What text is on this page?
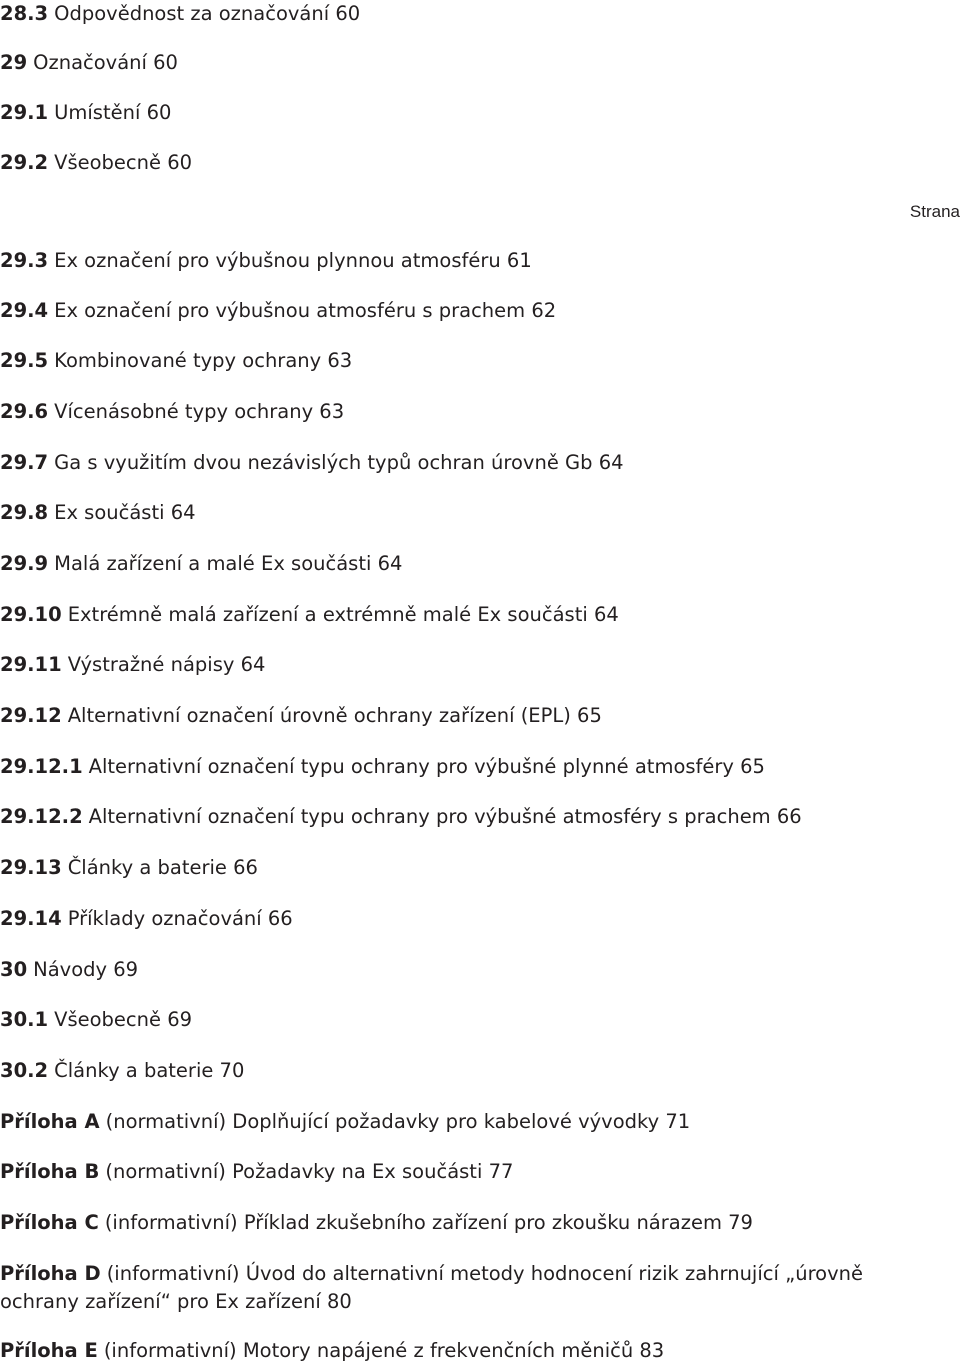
28.3 Odpovědnost za označování 60
29 Označování 60
29.1 Umístění 60
29.2 Všeobecně 60
Strana
29.3 Ex označení pro výbušnou plynnou atmosféru 61
29.4 Ex označení pro výbušnou atmosféru s prachem 62
29.5 Kombinované typy ochrany 63
29.6 Vícenásobné typy ochrany 63
29.7 Ga s využitím dvou nezávislých typů ochran úrovně Gb 64
29.8 Ex součásti 64
29.9 Malá zařízení a malé Ex součásti 64
29.10 Extrémně malá zařízení a extrémně malé Ex součásti 64
29.11 Výstražné nápisy 64
29.12 Alternativní označení úrovně ochrany zařízení (EPL) 65
29.12.1 Alternativní označení typu ochrany pro výbušné plynné atmosféry 65
29.12.2 Alternativní označení typu ochrany pro výbušné atmosféry s prachem 66
29.13 Články a baterie 66
29.14 Příklady označování 66
30 Návody 69
30.1 Všeobecně 69
30.2 Články a baterie 70
Příloha A (normativní) Doplňující požadavky pro kabelové vývodky 71
Příloha B (normativní) Požadavky na Ex součásti 77
Příloha C (informativní) Příklad zkušebního zařízení pro zkoušku nárazem 79
Příloha D (informativní) Úvod do alternativní metody hodnocení rizik zahrnující „úrovně ochrany zařízení“ pro Ex zařízení 80
Příloha E (informativní) Motory napájené z frekvenčních měničů 83
